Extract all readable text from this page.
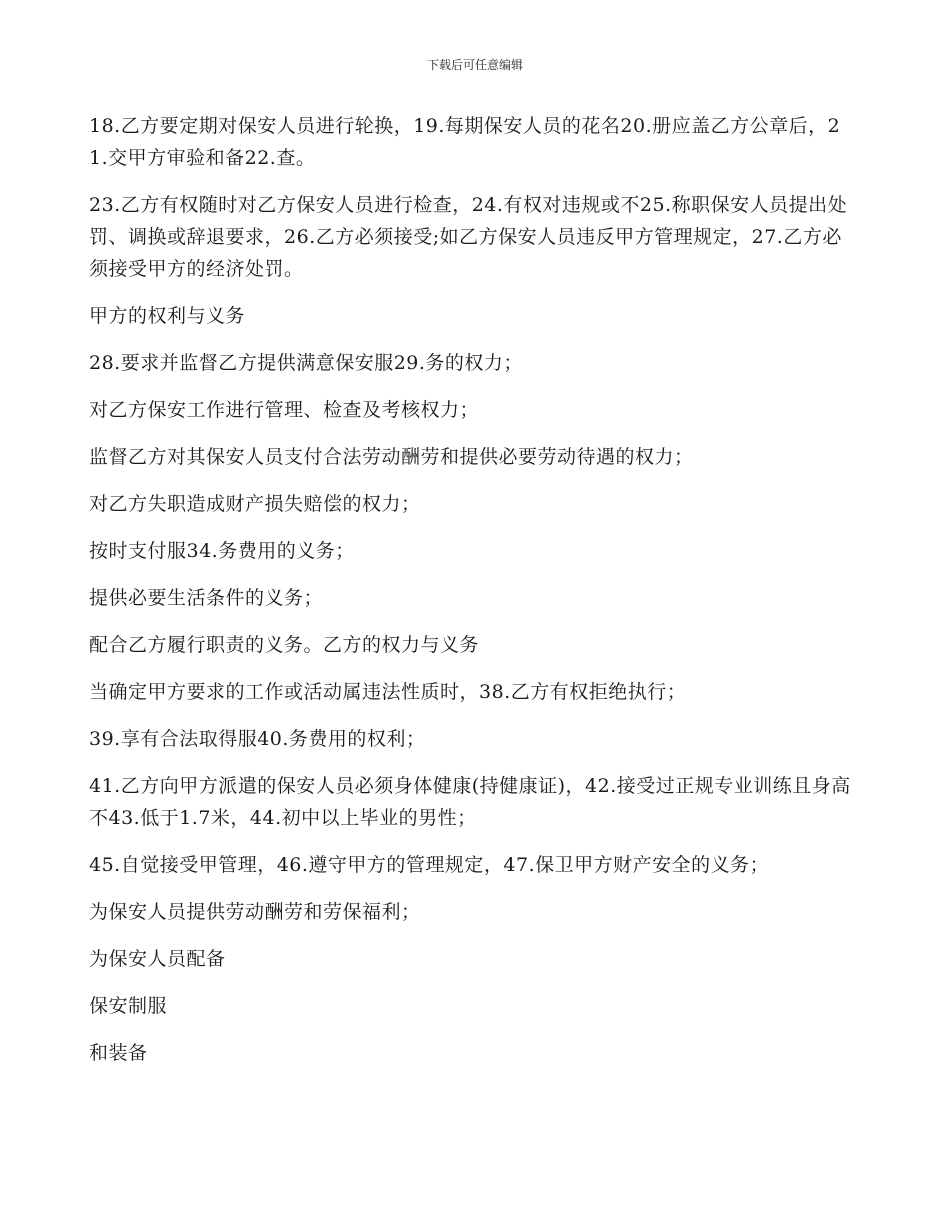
下载后可任意编辑

18.乙方要定期对保安人员进行轮换，19.每期保安人员的花名20.册应盖乙方公章后，21.交甲方审验和备22.查。

23.乙方有权随时对乙方保安人员进行检查，24.有权对违规或不25.称职保安人员提出处罚、调换或辞退要求，26.乙方必须接受;如乙方保安人员违反甲方管理规定，27.乙方必须接受甲方的经济处罚。

甲方的权利与义务

28.要求并监督乙方提供满意保安服29.务的权力；

对乙方保安工作进行管理、检查及考核权力；

监督乙方对其保安人员支付合法劳动酬劳和提供必要劳动待遇的权力；

对乙方失职造成财产损失赔偿的权力；

按时支付服34.务费用的义务；

提供必要生活条件的义务；

配合乙方履行职责的义务。乙方的权力与义务

当确定甲方要求的工作或活动属违法性质时，38.乙方有权拒绝执行；

39.享有合法取得服40.务费用的权利；

41.乙方向甲方派遣的保安人员必须身体健康(持健康证)，42.接受过正规专业训练且身高不43.低于1.7米，44.初中以上毕业的男性；

45.自觉接受甲管理，46.遵守甲方的管理规定，47.保卫甲方财产安全的义务；

为保安人员提供劳动酬劳和劳保福利；

为保安人员配备

保安制服

和装备
